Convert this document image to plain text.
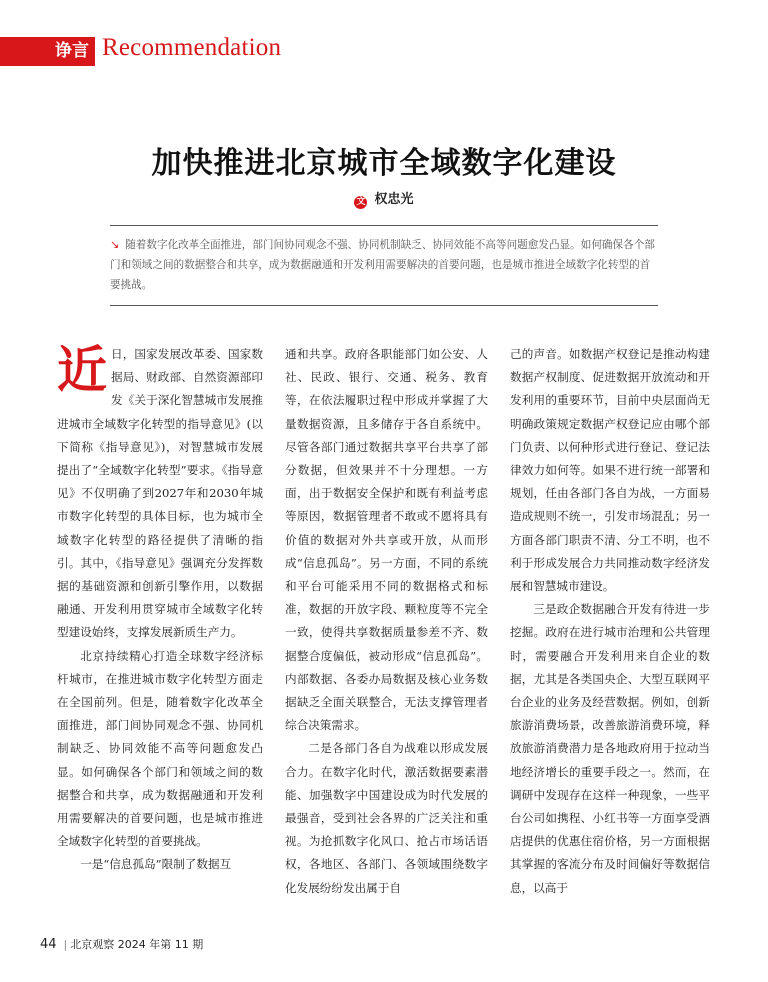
诤言 Recommendation
加快推进北京城市全域数字化建设
文 权忠光
↘ 随着数字化改革全面推进，部门间协同观念不强、协同机制缺乏、协同效能不高等问题愈发凸显。如何确保各个部门和领域之间的数据整合和共享，成为数据融通和开发利用需要解决的首要问题，也是城市推进全域数字化转型的首要挑战。

近日，国家发展改革委、国家数据局、财政部、自然资源部印发《关于深化智慧城市发展推进城市全域数字化转型的指导意见》(以下简称《指导意见》)，对智慧城市发展提出了“全域数字化转型”要求。《指导意见》不仅明确了到2027年和2030年城市数字化转型的具体目标，也为城市全域数字化转型的路径提供了清晰的指引。其中，《指导意见》强调充分发挥数据的基础资源和创新引擎作用，以数据融通、开发利用贯穿城市全域数字化转型建设始终，支撑发展新质生产力。

北京持续精心打造全球数字经济标杆城市，在推进城市数字化转型方面走在全国前列。但是，随着数字化改革全面推进，部门间协同观念不强、协同机制缺乏、协同效能不高等问题愈发凸显。如何确保各个部门和领域之间的数据整合和共享，成为数据融通和开发利用需要解决的首要问题，也是城市推进全域数字化转型的首要挑战。

一是“信息孤岛”限制了数据互

通和共享。政府各职能部门如公安、人社、民政、银行、交通、税务、教育等，在依法履职过程中形成并掌握了大量数据资源，且多储存于各自系统中。尽管各部门通过数据共享平台共享了部分数据，但效果并不十分理想。一方面，出于数据安全保护和既有利益考虑等原因，数据管理者不敢或不愿将具有价值的数据对外共享或开放，从而形成“信息孤岛”。另一方面，不同的系统和平台可能采用不同的数据格式和标准，数据的开放字段、颗粒度等不完全一致，使得共享数据质量参差不齐、数据整合度偏低，被动形成“信息孤岛”。内部数据、各委办局数据及核心业务数据缺乏全面关联整合，无法支撑管理者综合决策需求。

二是各部门各自为战难以形成发展合力。在数字化时代，激活数据要素潜能、加强数字中国建设成为时代发展的最强音，受到社会各界的广泛关注和重视。为抢抓数字化风口、抢占市场话语权，各地区、各部门、各领域围绕数字化发展纷纷发出属于自

己的声音。如数据产权登记是推动构建数据产权制度、促进数据开放流动和开发利用的重要环节，目前中央层面尚无明确政策规定数据产权登记应由哪个部门负责、以何种形式进行登记、登记法律效力如何等。如果不进行统一部署和规划，任由各部门各自为战，一方面易造成规则不统一，引发市场混乱；另一方面各部门职责不清、分工不明，也不利于形成发展合力共同推动数字经济发展和智慧城市建设。

三是政企数据融合开发有待进一步挖掘。政府在进行城市治理和公共管理时，需要融合开发利用来自企业的数据，尤其是各类国央企、大型互联网平台企业的业务及经营数据。例如，创新旅游消费场景，改善旅游消费环境，释放旅游消费潜力是各地政府用于拉动当地经济增长的重要手段之一。然而，在调研中发现存在这样一种现象，一些平台公司如携程、小红书等一方面享受酒店提供的优惠住宿价格，另一方面根据其掌握的客流分布及时间偏好等数据信息，以高于

44 | 北京观察 2024 年第 11 期
